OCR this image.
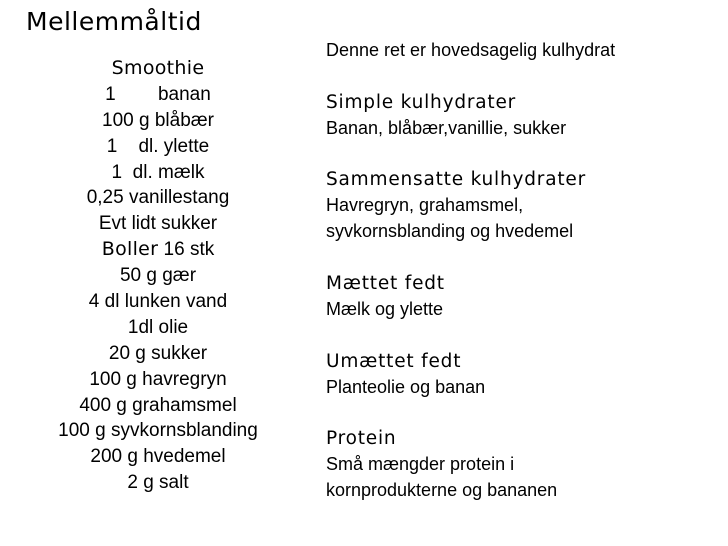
Mellemmåltid
Smoothie
1        banan
100 g blåbær
1    dl. ylette
1  dl. mælk
0,25 vanillestang
Evt lidt sukker
Boller 16 stk
50 g gær
4 dl lunken vand
1dl olie
20 g sukker
100 g havregryn
400 g grahamsmel
100 g syvkornsblanding
200 g hvedemel
2 g salt
Denne ret er hovedsagelig kulhydrat
Simple kulhydrater
Banan, blåbær,vanillie, sukker
Sammensatte kulhydrater
Havregryn, grahamsmel,
syvkornsblanding og hvedemel
Mættet fedt
Mælk og ylette
Umættet fedt
Planteolie og banan
Protein
Små mængder protein i
kornprodukterne og bananen
